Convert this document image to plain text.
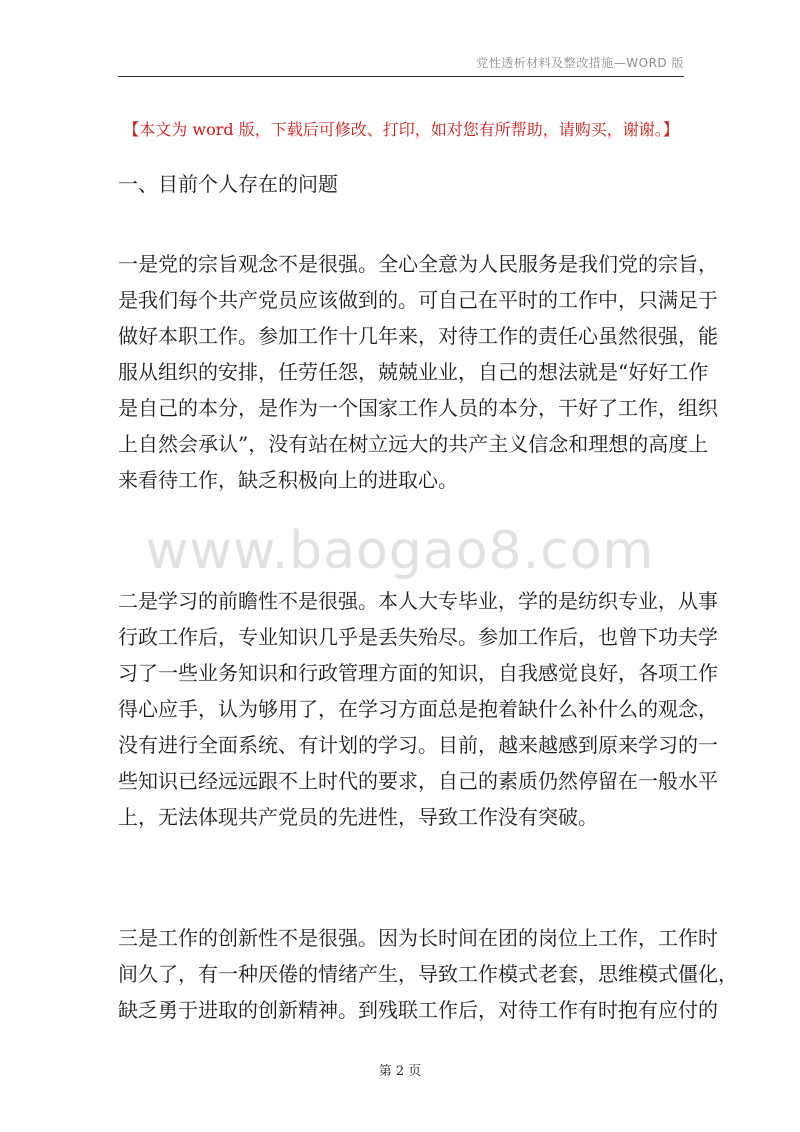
党性透析材料及整改措施—WORD 版
【本文为 word 版，下载后可修改、打印，如对您有所帮助，请购买，谢谢。】
一、目前个人存在的问题
一是党的宗旨观念不是很强。全心全意为人民服务是我们党的宗旨，
是我们每个共产党员应该做到的。可自己在平时的工作中，只满足于
做好本职工作。参加工作十几年来，对待工作的责任心虽然很强，能
服从组织的安排，任劳任怨，兢兢业业，自己的想法就是“好好工作
是自己的本分，是作为一个国家工作人员的本分，干好了工作，组织
上自然会承认”，没有站在树立远大的共产主义信念和理想的高度上
来看待工作，缺乏积极向上的进取心。
www.baogao8.com
二是学习的前瞻性不是很强。本人大专毕业，学的是纺织专业，从事
行政工作后，专业知识几乎是丢失殆尽。参加工作后，也曾下功夫学
习了一些业务知识和行政管理方面的知识，自我感觉良好，各项工作
得心应手，认为够用了，在学习方面总是抱着缺什么补什么的观念，
没有进行全面系统、有计划的学习。目前，越来越感到原来学习的一
些知识已经远远跟不上时代的要求，自己的素质仍然停留在一般水平
上，无法体现共产党员的先进性，导致工作没有突破。
三是工作的创新性不是很强。因为长时间在团的岗位上工作，工作时
间久了，有一种厌倦的情绪产生，导致工作模式老套，思维模式僵化，
缺乏勇于进取的创新精神。到残联工作后，对待工作有时抱有应付的
第 2 页
